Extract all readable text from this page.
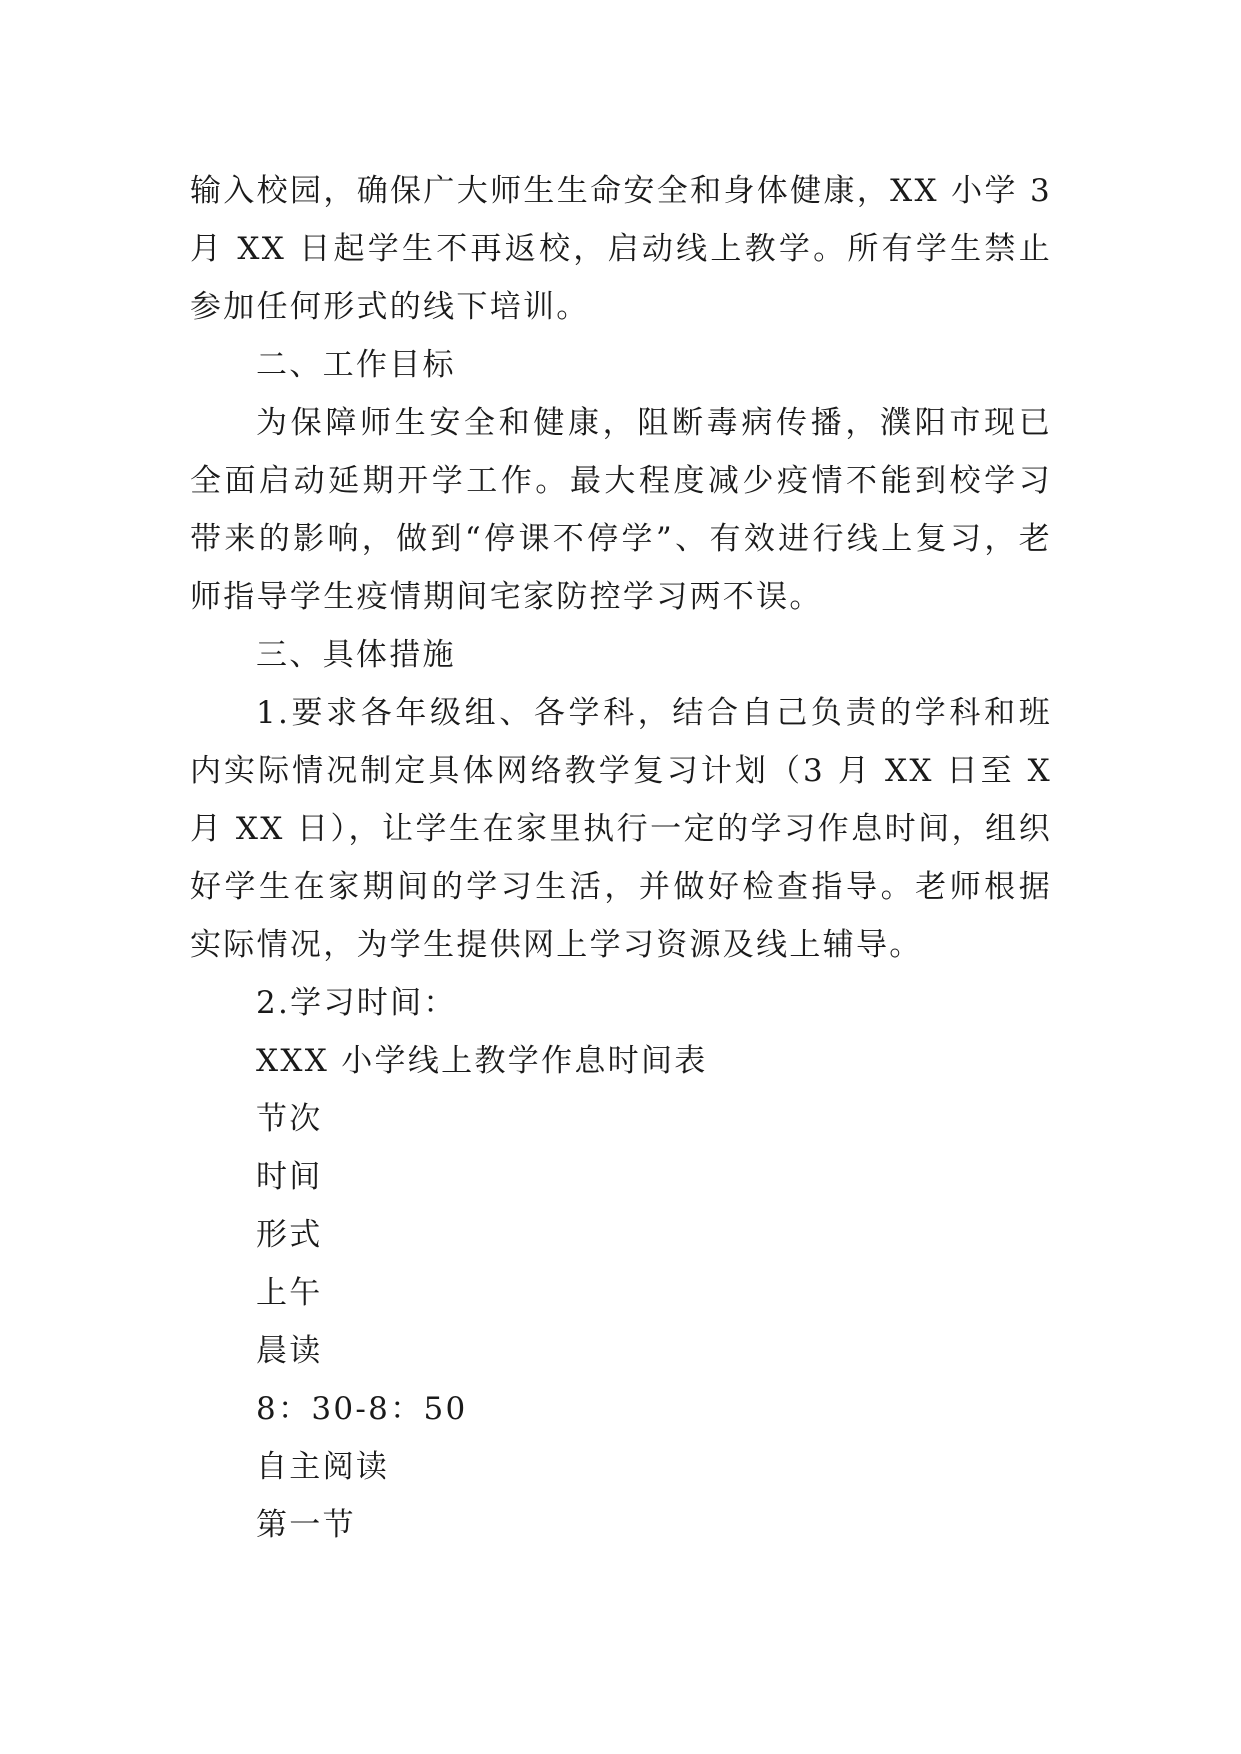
输入校园，确保广大师生生命安全和身体健康，XX 小学 3 月 XX 日起学生不再返校，启动线上教学。所有学生禁止参加任何形式的线下培训。

二、工作目标

为保障师生安全和健康，阻断毒病传播，濮阳市现已全面启动延期开学工作。最大程度减少疫情不能到校学习带来的影响，做到“停课不停学”、有效进行线上复习，老师指导学生疫情期间宅家防控学习两不误。

三、具体措施

1.要求各年级组、各学科，结合自己负责的学科和班内实际情况制定具体网络教学复习计划（3 月 XX 日至 X 月 XX 日），让学生在家里执行一定的学习作息时间，组织好学生在家期间的学习生活，并做好检查指导。老师根据实际情况，为学生提供网上学习资源及线上辅导。

2.学习时间：

XXX 小学线上教学作息时间表

节次

时间

形式

上午

晨读

8：30-8：50

自主阅读

第一节
